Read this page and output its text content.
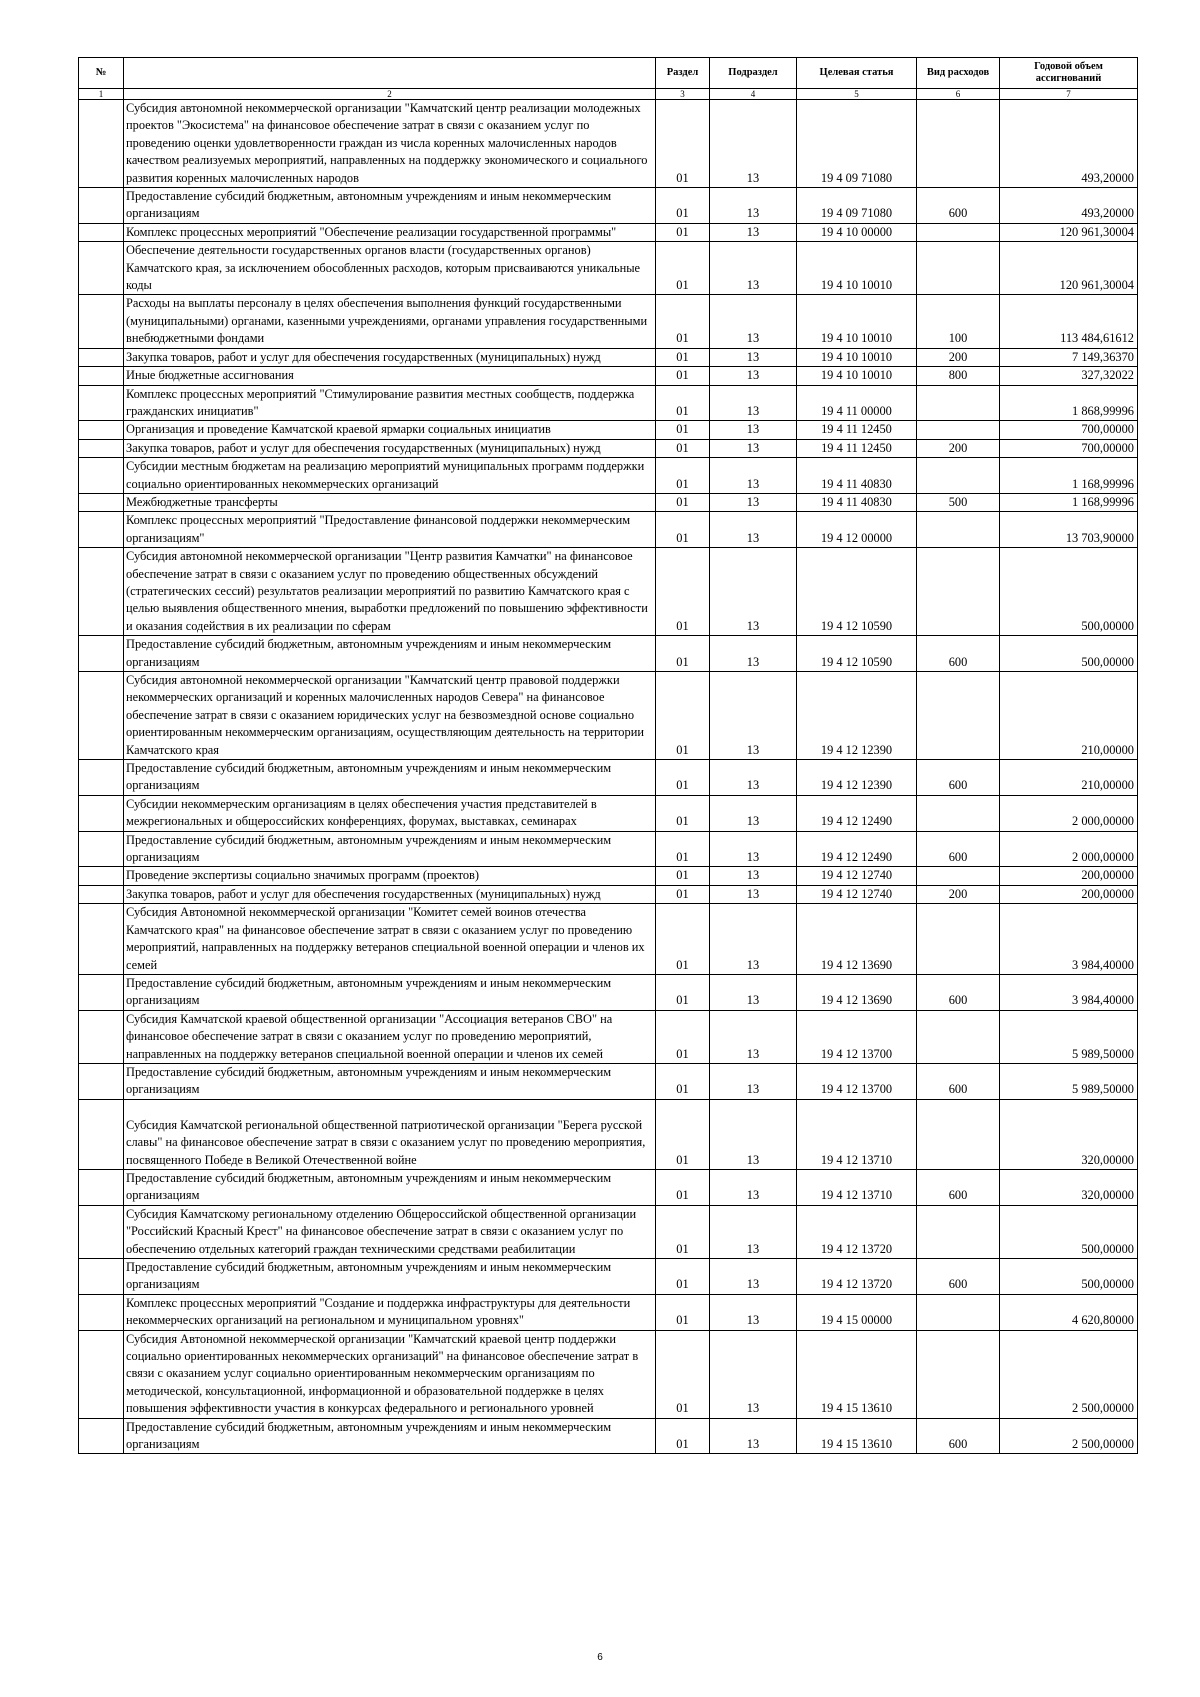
№		Раздел	Подраздел	Целевая статья	Вид расходов	Годовой объем ассигнований
1	2	3	4	5	6	7
	Субсидия автономной некоммерческой организации "Камчатский центр реализации молодежных проектов "Экосистема" на финансовое обеспечение затрат в связи с оказанием услуг по проведению оценки удовлетворенности граждан из числа коренных малочисленных народов качеством реализуемых мероприятий, направленных на поддержку экономического и социального развития коренных малочисленных народов	01	13	19 4 09 71080		493,20000
	Предоставление субсидий бюджетным, автономным учреждениям и иным некоммерческим организациям	01	13	19 4 09 71080	600	493,20000
	Комплекс процессных мероприятий "Обеспечение реализации государственной программы"	01	13	19 4 10 00000		120 961,30004
	Обеспечение деятельности государственных органов власти (государственных органов) Камчатского края, за исключением обособленных расходов, которым присваиваются уникальные коды	01	13	19 4 10 10010		120 961,30004
	Расходы на выплаты персоналу в целях обеспечения выполнения функций государственными (муниципальными) органами, казенными учреждениями, органами управления государственными внебюджетными фондами	01	13	19 4 10 10010	100	113 484,61612
	Закупка товаров, работ и услуг для обеспечения государственных (муниципальных) нужд	01	13	19 4 10 10010	200	7 149,36370
	Иные бюджетные ассигнования	01	13	19 4 10 10010	800	327,32022
	Комплекс процессных мероприятий "Стимулирование развития местных сообществ, поддержка гражданских инициатив"	01	13	19 4 11 00000		1 868,99996
	Организация и проведение Камчатской краевой ярмарки социальных инициатив	01	13	19 4 11 12450		700,00000
	Закупка товаров, работ и услуг для обеспечения государственных (муниципальных) нужд	01	13	19 4 11 12450	200	700,00000
	Субсидии местным бюджетам на реализацию мероприятий муниципальных программ поддержки социально ориентированных некоммерческих организаций	01	13	19 4 11 40830		1 168,99996
	Межбюджетные трансферты	01	13	19 4 11 40830	500	1 168,99996
	Комплекс процессных мероприятий "Предоставление финансовой поддержки некоммерческим организациям"	01	13	19 4 12 00000		13 703,90000
	Субсидия автономной некоммерческой организации "Центр развития Камчатки" на финансовое обеспечение затрат в связи с оказанием услуг по проведению общественных обсуждений (стратегических сессий) результатов реализации мероприятий по развитию Камчатского края с целью выявления общественного мнения, выработки предложений по повышению эффективности и оказания содействия в их реализации по сферам	01	13	19 4 12 10590		500,00000
	Предоставление субсидий бюджетным, автономным учреждениям и иным некоммерческим организациям	01	13	19 4 12 10590	600	500,00000
	Субсидия автономной некоммерческой организации "Камчатский центр правовой поддержки некоммерческих организаций и коренных малочисленных народов Севера" на финансовое обеспечение затрат в связи с оказанием юридических услуг на безвозмездной основе социально ориентированным некоммерческим организациям, осуществляющим деятельность на территории Камчатского края	01	13	19 4 12 12390		210,00000
	Предоставление субсидий бюджетным, автономным учреждениям и иным некоммерческим организациям	01	13	19 4 12 12390	600	210,00000
	Субсидии некоммерческим организациям в целях обеспечения участия представителей в межрегиональных и общероссийских конференциях, форумах, выставках, семинарах	01	13	19 4 12 12490		2 000,00000
	Предоставление субсидий бюджетным, автономным учреждениям и иным некоммерческим организациям	01	13	19 4 12 12490	600	2 000,00000
	Проведение экспертизы социально значимых программ (проектов)	01	13	19 4 12 12740		200,00000
	Закупка товаров, работ и услуг для обеспечения государственных (муниципальных) нужд	01	13	19 4 12 12740	200	200,00000
	Субсидия Автономной некоммерческой организации "Комитет семей воинов отечества Камчатского края" на финансовое обеспечение затрат в связи с оказанием услуг по проведению мероприятий, направленных на поддержку ветеранов специальной военной операции и членов их семей	01	13	19 4 12 13690		3 984,40000
	Предоставление субсидий бюджетным, автономным учреждениям и иным некоммерческим организациям	01	13	19 4 12 13690	600	3 984,40000
	Субсидия Камчатской краевой общественной организации "Ассоциация ветеранов СВО" на финансовое обеспечение затрат в связи с оказанием услуг по проведению мероприятий, направленных на поддержку ветеранов специальной военной операции и членов их семей	01	13	19 4 12 13700		5 989,50000
	Предоставление субсидий бюджетным, автономным учреждениям и иным некоммерческим организациям	01	13	19 4 12 13700	600	5 989,50000
	Субсидия Камчатской региональной общественной патриотической организации "Берега русской славы" на финансовое обеспечение затрат в связи с оказанием услуг по проведению мероприятия, посвященного Победе в Великой Отечественной войне	01	13	19 4 12 13710		320,00000
	Предоставление субсидий бюджетным, автономным учреждениям и иным некоммерческим организациям	01	13	19 4 12 13710	600	320,00000
	Субсидия Камчатскому региональному отделению Общероссийской общественной организации "Российский Красный Крест" на финансовое обеспечение затрат в связи с оказанием услуг по обеспечению отдельных категорий граждан техническими средствами реабилитации	01	13	19 4 12 13720		500,00000
	Предоставление субсидий бюджетным, автономным учреждениям и иным некоммерческим организациям	01	13	19 4 12 13720	600	500,00000
	Комплекс процессных мероприятий "Создание и поддержка инфраструктуры для деятельности некоммерческих организаций на региональном и муниципальном уровнях"	01	13	19 4 15 00000		4 620,80000
	Субсидия Автономной некоммерческой организации "Камчатский краевой центр поддержки социально ориентированных некоммерческих организаций" на финансовое обеспечение затрат в связи с оказанием услуг социально ориентированным некоммерческим организациям по методической, консультационной, информационной и образовательной поддержке в целях повышения эффективности участия в конкурсах федерального и регионального уровней	01	13	19 4 15 13610		2 500,00000
	Предоставление субсидий бюджетным, автономным учреждениям и иным некоммерческим организациям	01	13	19 4 15 13610	600	2 500,00000
6
